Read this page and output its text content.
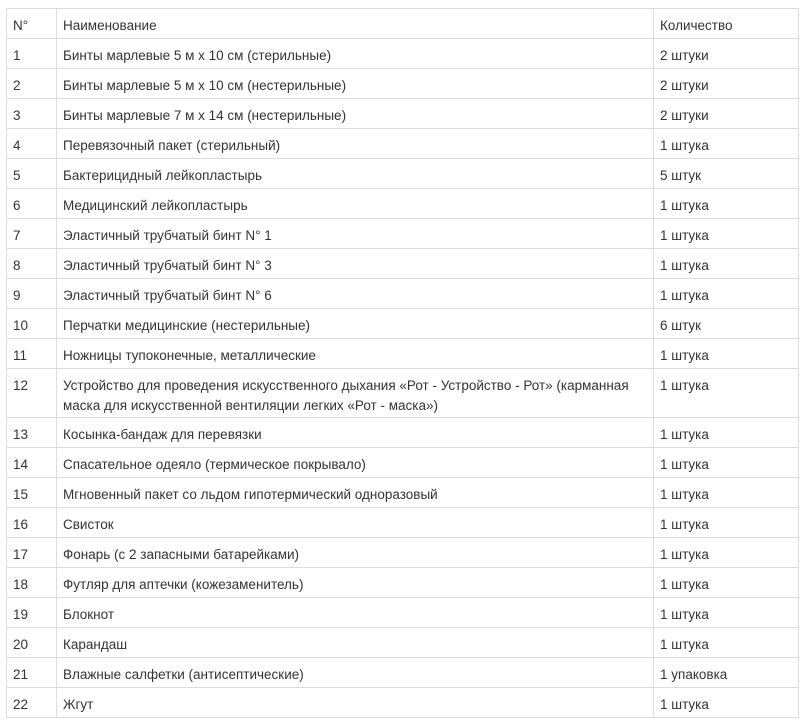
N°	Наименование	Количество
1	Бинты марлевые 5 м х 10 см (стерильные)	2 штуки
2	Бинты марлевые 5 м х 10 см (нестерильные)	2 штуки
3	Бинты марлевые 7 м х 14 см (нестерильные)	2 штуки
4	Перевязочный пакет (стерильный)	1 штука
5	Бактерицидный лейкопластырь	5 штук
6	Медицинский лейкопластырь	1 штука
7	Эластичный трубчатый бинт N° 1	1 штука
8	Эластичный трубчатый бинт N° 3	1 штука
9	Эластичный трубчатый бинт N° 6	1 штука
10	Перчатки медицинские (нестерильные)	6 штук
11	Ножницы тупоконечные, металлические	1 штука
12	Устройство для проведения искусственного дыхания «Рот - Устройство - Рот» (карманная маска для искусственной вентиляции легких «Рот - маска»)	1 штука
13	Косынка-бандаж для перевязки	1 штука
14	Спасательное одеяло (термическое покрывало)	1 штука
15	Мгновенный пакет со льдом гипотермический одноразовый	1 штука
16	Свисток	1 штука
17	Фонарь (с 2 запасными батарейками)	1 штука
18	Футляр для аптечки (кожезаменитель)	1 штука
19	Блокнот	1 штука
20	Карандаш	1 штука
21	Влажные салфетки (антисептические)	1 упаковка
22	Жгут	1 штука
